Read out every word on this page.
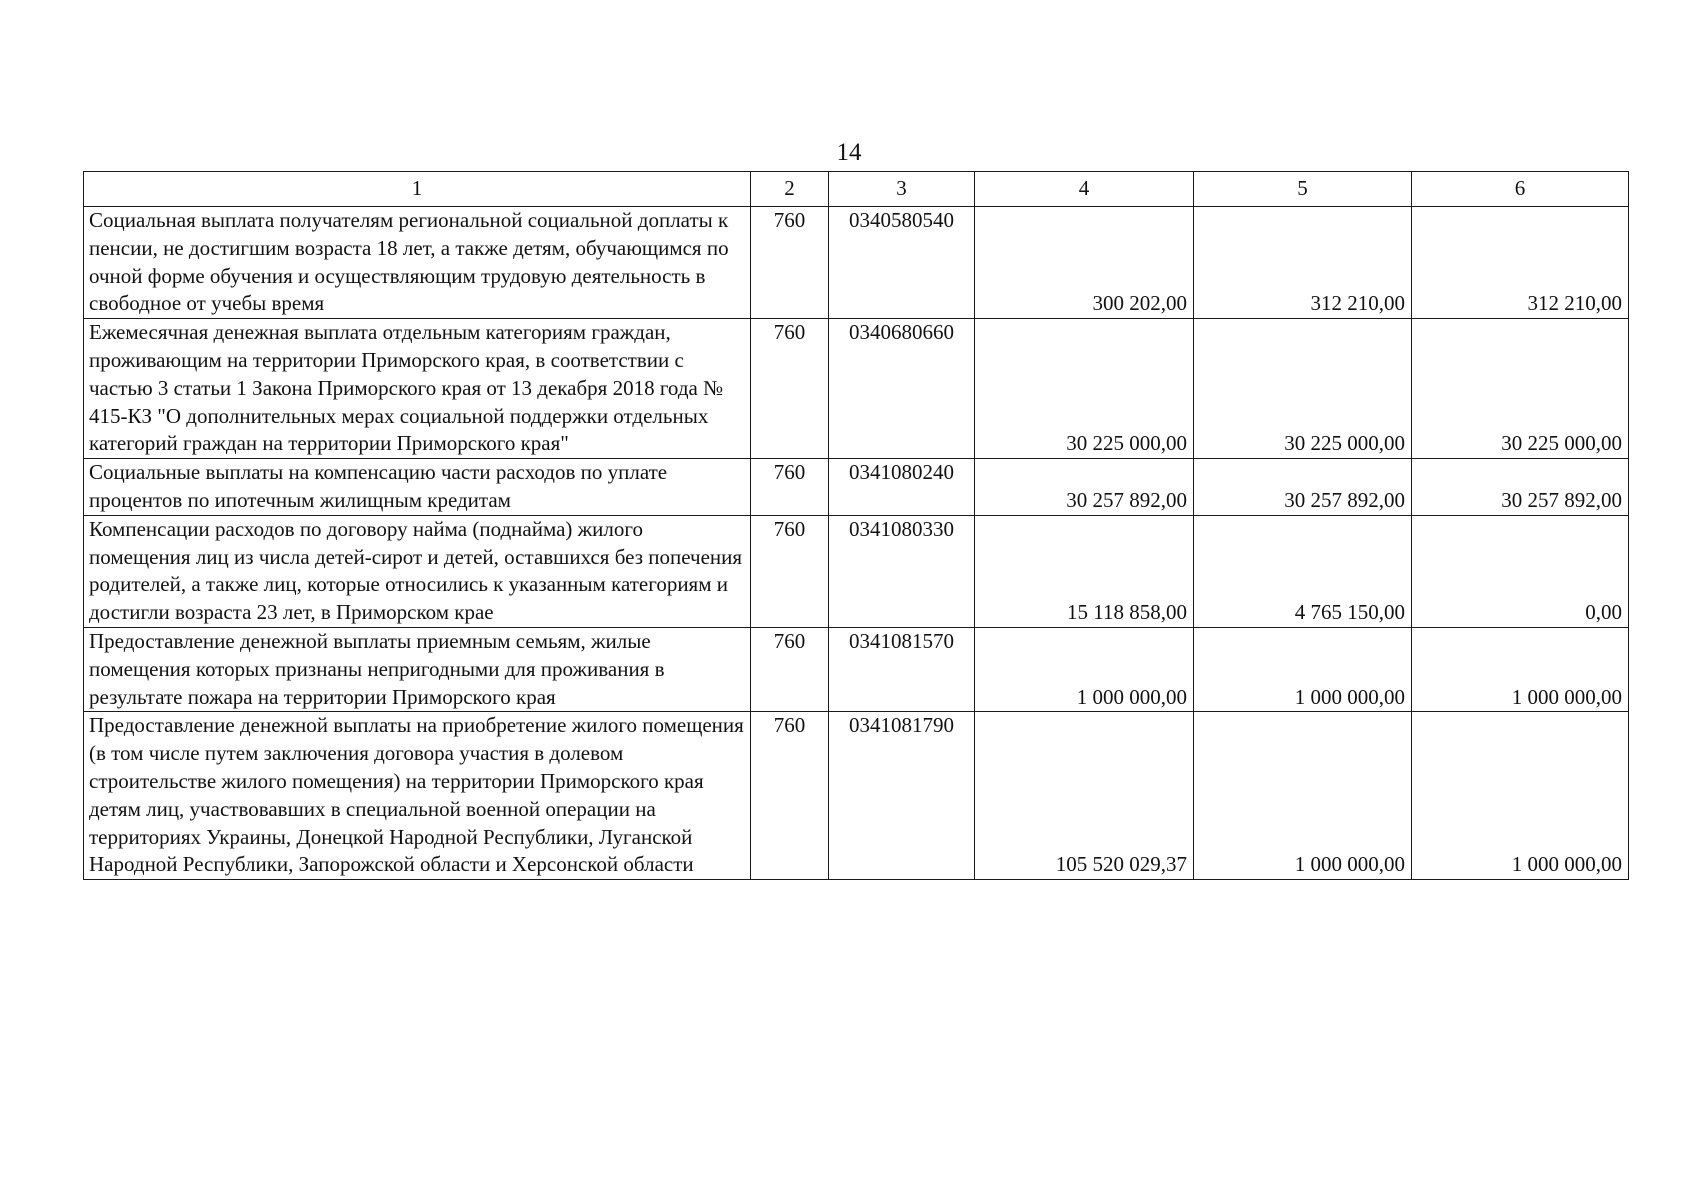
14
1	2	3	4	5	6
Социальная выплата получателям региональной социальной доплаты к пенсии, не достигшим возраста 18 лет, а также детям, обучающимся по очной форме обучения и осуществляющим трудовую деятельность в свободное от учебы время	760	0340580540	300 202,00	312 210,00	312 210,00
Ежемесячная денежная выплата отдельным категориям граждан, проживающим на территории Приморского края, в соответствии с частью 3 статьи 1 Закона Приморского края от 13 декабря 2018 года № 415-КЗ "О дополнительных мерах социальной поддержки отдельных категорий граждан на территории Приморского края"	760	0340680660	30 225 000,00	30 225 000,00	30 225 000,00
Социальные выплаты на компенсацию части расходов по уплате процентов по ипотечным жилищным кредитам	760	0341080240	30 257 892,00	30 257 892,00	30 257 892,00
Компенсации расходов по договору найма (поднайма) жилого помещения лиц из числа детей-сирот и детей, оставшихся без попечения родителей, а также лиц, которые относились к указанным категориям и достигли возраста 23 лет, в Приморском крае	760	0341080330	15 118 858,00	4 765 150,00	0,00
Предоставление денежной выплаты приемным семьям, жилые помещения которых признаны непригодными для проживания в результате пожара на территории Приморского края	760	0341081570	1 000 000,00	1 000 000,00	1 000 000,00
Предоставление денежной выплаты на приобретение жилого помещения (в том числе путем заключения договора участия в долевом строительстве жилого помещения) на территории Приморского края детям лиц, участвовавших в специальной военной операции на территориях Украины, Донецкой Народной Республики, Луганской Народной Республики, Запорожской области и Херсонской области	760	0341081790	105 520 029,37	1 000 000,00	1 000 000,00
